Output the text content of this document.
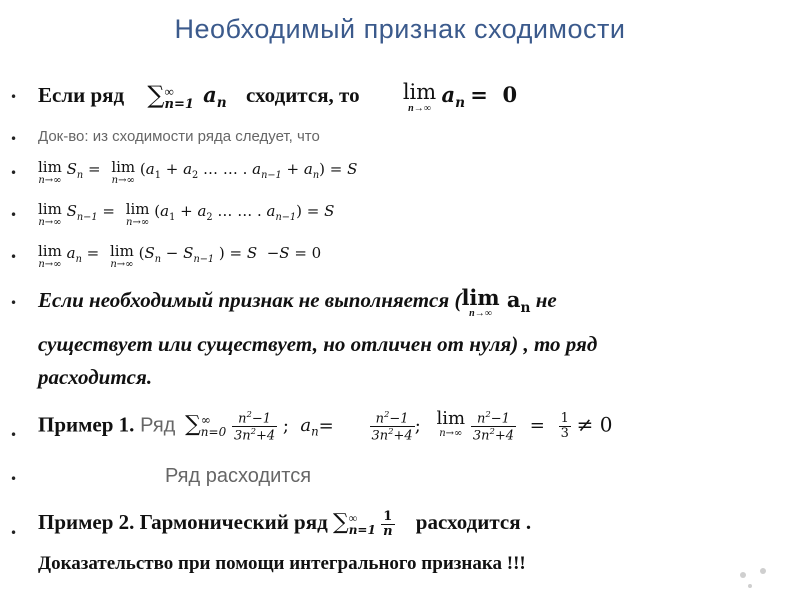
Необходимый признак сходимости
• Если ряд ∑ ∞
n=1 $a_n$ сходится, то lim
n→∞
$a_n = 0$
• Док-во: из сходимости ряда следует, что
• lim
n→∞
$S_n = \lim$
n→∞
($a_1 + a_2$ … … . $a_{n-1} + a_n) = S$
• lim
n→∞
$S_{n-1} = \lim$
n→∞
($a_1 + a_2$ … … . $a_{n-1}) = S$
• lim
n→∞
$a_n = \lim$
n→∞
($S_n - S_{n-1}$ ) = S −S = 0
• Если необходимый признак не выполняется ( lim
n→∞
$a_n$ не
существует или существует, но отличен от нуля) , то ряд
расходится.
• Пример 1. Ряд ∑ ∞
n=0
$\frac{n^2-1}{3n^2+4}$ ;  $a_n=$	$\frac{n^2-1}{3n^2+4}$ ; lim
n→∞
$\frac{n^2-1}{3n^2+4} = \frac{1}{3} \ne 0$
•	Ряд расходится
• Пример 2. Гармонический ряд ∑ ∞
n=1
$\frac{1}{n}$ расходится .
Доказательство при помощи интегрального признака !!!
